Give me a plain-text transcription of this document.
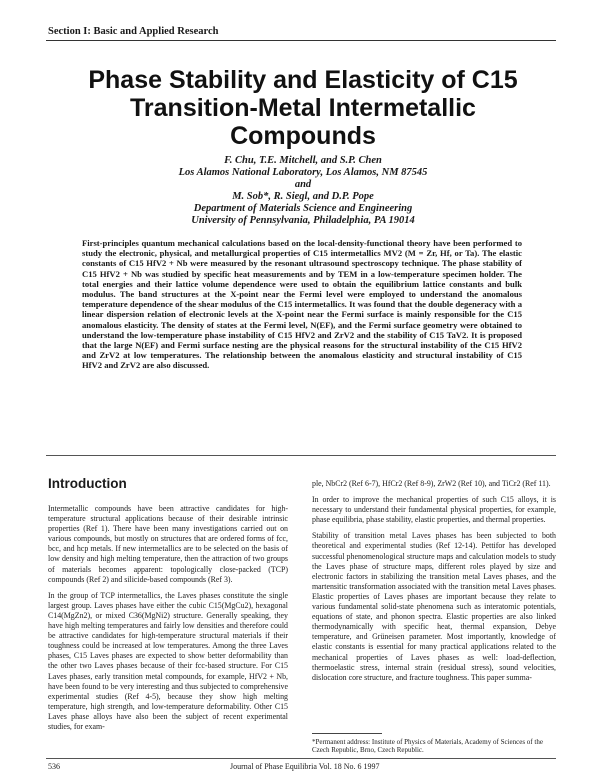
Section I: Basic and Applied Research
Phase Stability and Elasticity of C15 Transition-Metal Intermetallic Compounds
F. Chu, T.E. Mitchell, and S.P. Chen
Los Alamos National Laboratory, Los Alamos, NM 87545
and
M. Sob*, R. Siegl, and D.P. Pope
Department of Materials Science and Engineering
University of Pennsylvania, Philadelphia, PA 19014
First-principles quantum mechanical calculations based on the local-density-functional theory have been performed to study the electronic, physical, and metallurgical properties of C15 intermetallics MV2 (M = Zr, Hf, or Ta). The elastic constants of C15 HfV2 + Nb were measured by the resonant ultrasound spectroscopy technique. The phase stability of C15 HfV2 + Nb was studied by specific heat measurements and by TEM in a low-temperature specimen holder. The total energies and their lattice volume dependence were used to obtain the equilibrium lattice constants and bulk modulus. The band structures at the X-point near the Fermi level were employed to understand the anomalous temperature dependence of the shear modulus of the C15 intermetallics. It was found that the double degeneracy with a linear dispersion relation of electronic levels at the X-point near the Fermi surface is mainly responsible for the C15 anomalous elasticity. The density of states at the Fermi level, N(EF), and the Fermi surface geometry were obtained to understand the low-temperature phase instability of C15 HfV2 and ZrV2 and the stability of C15 TaV2. It is proposed that the large N(EF) and Fermi surface nesting are the physical reasons for the structural instability of the C15 HfV2 and ZrV2 at low temperatures. The relationship between the anomalous elasticity and structural instability of C15 HfV2 and ZrV2 are also discussed.
Introduction

Intermetallic compounds have been attractive candidates for high-temperature structural applications because of their desirable intrinsic properties (Ref 1). There have been many investigations carried out on various compounds, but mostly on structures that are ordered forms of fcc, bcc, and hcp metals. If new intermetallics are to be selected on the basis of low density and high melting temperature, then the attraction of two groups of materials becomes apparent: topologically close-packed (TCP) compounds (Ref 2) and silicide-based compounds (Ref 3).

In the group of TCP intermetallics, the Laves phases constitute the single largest group. Laves phases have either the cubic C15(MgCu2), hexagonal C14(MgZn2), or mixed C36(MgNi2) structure. Generally speaking, they have high melting temperatures and fairly low densities and therefore could be attractive candidates for high-temperature structural materials if their toughness could be increased at low temperatures. Among the three Laves phases, C15 Laves phases are expected to show better deformability than the other two Laves phases because of their fcc-based structure. For C15 Laves phases, early transition metal compounds, for example, HfV2 + Nb, have been found to be very interesting and thus subjected to comprehensive experimental studies (Ref 4-5), because they show high melting temperature, high strength, and low-temperature deformability. Other C15 Laves phase alloys have also been the subject of recent experimental studies, for exam-

ple, NbCr2 (Ref 6-7), HfCr2 (Ref 8-9), ZrW2 (Ref 10), and TiCr2 (Ref 11).

In order to improve the mechanical properties of such C15 alloys, it is necessary to understand their fundamental physical properties, for example, phase equilibria, phase stability, elastic properties, and thermal properties.

Stability of transition metal Laves phases has been subjected to both theoretical and experimental studies (Ref 12-14). Pettifor has developed successful phenomenological structure maps and calculation models to study the Laves phase of structure maps, different roles played by size and electronic factors in stabilizing the transition metal Laves phases, and the martensitic transformation associated with the transition metal Laves phases. Elastic properties of Laves phases are important because they relate to various fundamental solid-state phenomena such as interatomic potentials, equations of state, and phonon spectra. Elastic properties are also linked thermodynamically with specific heat, thermal expansion, Debye temperature, and Grüneisen parameter. Most importantly, knowledge of elastic constants is essential for many practical applications related to the mechanical properties of Laves phases as well: load-deflection, thermoelastic stress, internal strain (residual stress), sound velocities, dislocation core structure, and fracture toughness. This paper summa-

*Permanent address: Institute of Physics of Materials, Academy of Sciences of the Czech Republic, Brno, Czech Republic.
536	Journal of Phase Equilibria Vol. 18 No. 6 1997
